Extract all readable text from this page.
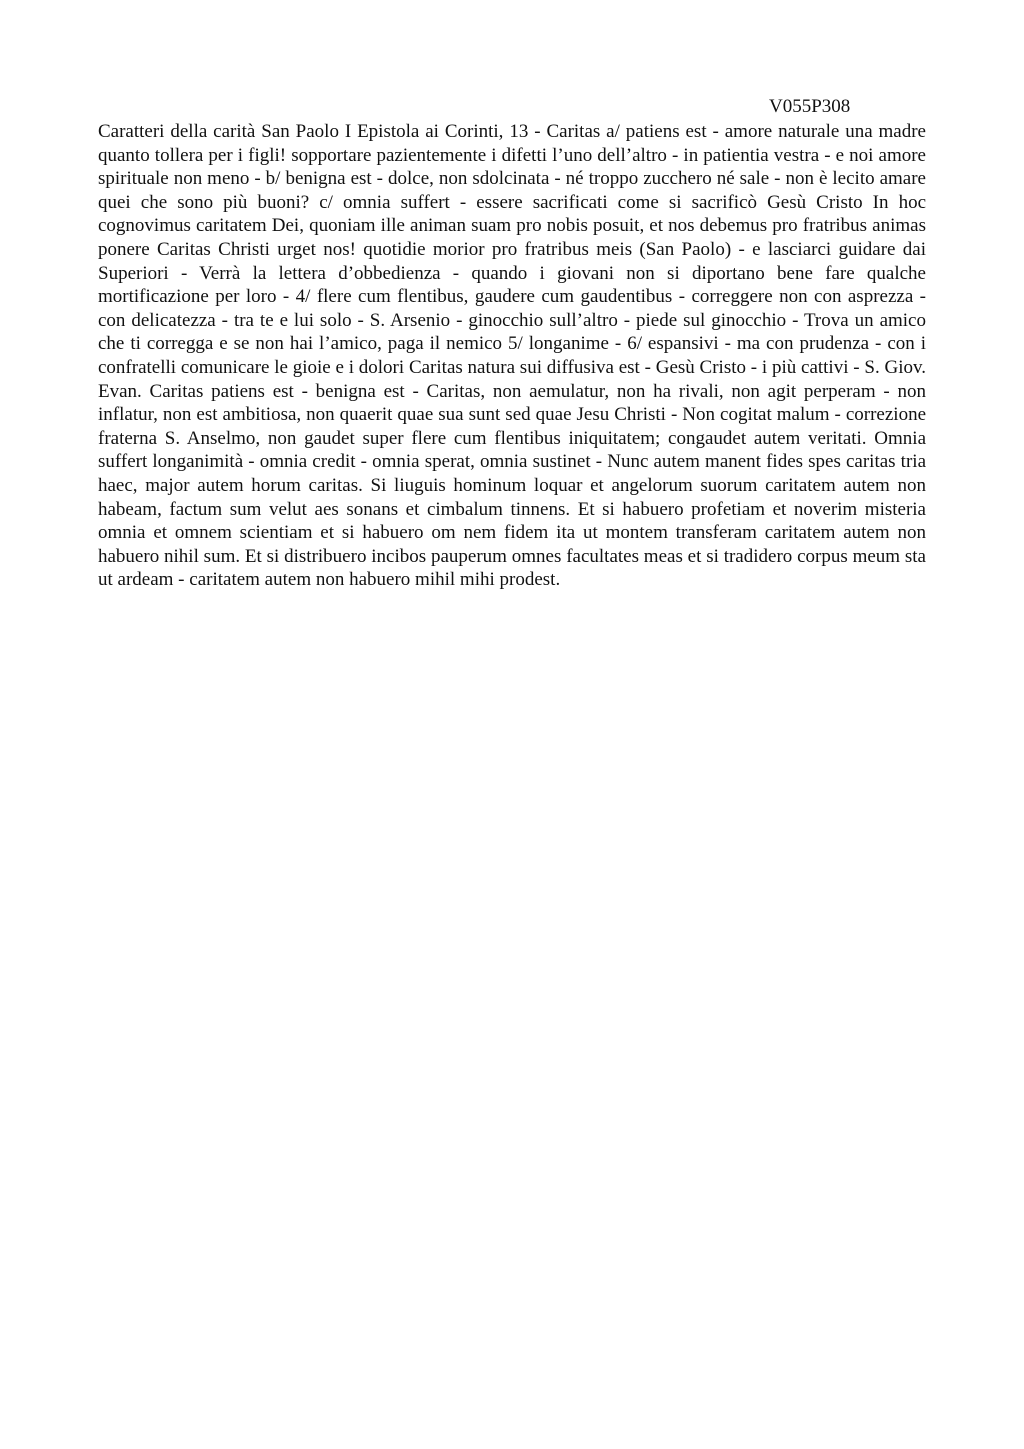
V055P308

Caratteri della carità San Paolo I Epistola ai Corinti, 13 - Caritas a/ patiens est - amore naturale una madre quanto tollera per i figli! sopportare pazientemente i difetti l’uno dell’altro - in patientia vestra - e noi amore spirituale non meno - b/ benigna est - dolce, non sdolcinata - né troppo zucchero né sale - non è lecito amare quei che sono più buoni? c/ omnia suffert - essere sacrificati come si sacrificò Gesù Cristo In hoc cognovimus caritatem Dei, quoniam ille animan suam pro nobis posuit, et nos debemus pro fratribus animas ponere Caritas Christi urget nos! quotidie morior pro fratribus meis (San Paolo) - e lasciarci guidare dai Superiori - Verrà la lettera d’obbedienza - quando i giovani non si diportano bene fare qualche mortificazione per loro - 4/ flere cum flentibus, gaudere cum gaudentibus - correggere non con asprezza - con delicatezza - tra te e lui solo - S. Arsenio - ginocchio sull’altro - piede sul ginocchio - Trova un amico che ti corregga e se non hai l’amico, paga il nemico 5/ longanime - 6/ espansivi - ma con prudenza - con i confratelli comunicare le gioie e i dolori Caritas natura sui diffusiva est - Gesù Cristo - i più cattivi - S. Giov. Evan. Caritas patiens est - benigna est - Caritas, non aemulatur, non ha rivali, non agit perperam - non inflatur, non est ambitiosa, non quaerit quae sua sunt sed quae Jesu Christi - Non cogitat malum - correzione fraterna S. Anselmo, non gaudet super flere cum flentibus iniquitatem; congaudet autem veritati. Omnia suffert longanimità - omnia credit - omnia sperat, omnia sustinet - Nunc autem manent fides spes caritas tria haec, major autem horum caritas. Si liuguis hominum loquar et angelorum suorum caritatem autem non habeam, factum sum velut aes sonans et cimbalum tinnens. Et si habuero profetiam et noverim misteria omnia et omnem scientiam et si habuero om nem fidem ita ut montem transferam caritatem autem non habuero nihil sum. Et si distribuero incibos pauperum omnes facultates meas et si tradidero corpus meum sta ut ardeam - caritatem autem non habuero mihil mihi prodest.
